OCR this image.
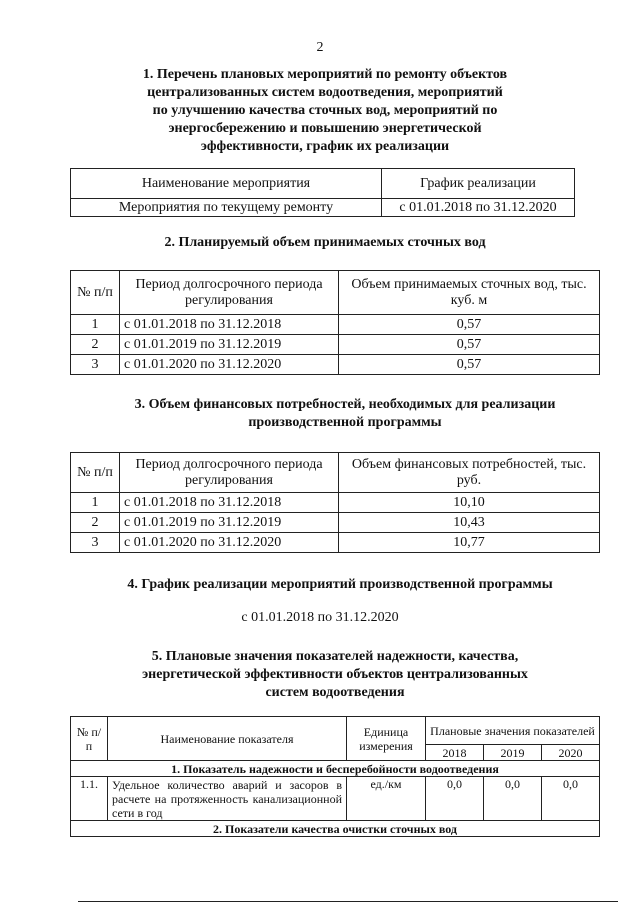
2
1. Перечень плановых мероприятий по ремонту объектов
централизованных систем водоотведения, мероприятий
по улучшению качества сточных вод, мероприятий по
энергосбережению и повышению энергетической
эффективности, график их реализации
Наименование мероприятия	График реализации
Мероприятия по текущему ремонту	с 01.01.2018 по 31.12.2020
2. Планируемый объем принимаемых сточных вод
№ п/п	Период долгосрочного периода регулирования	Объем принимаемых сточных вод, тыс. куб. м
1	с 01.01.2018 по 31.12.2018	0,57
2	с 01.01.2019 по 31.12.2019	0,57
3	с 01.01.2020 по 31.12.2020	0,57
3. Объем финансовых потребностей, необходимых для реализации
производственной программы
№ п/п	Период долгосрочного периода регулирования	Объем финансовых потребностей, тыс. руб.
1	с 01.01.2018 по 31.12.2018	10,10
2	с 01.01.2019 по 31.12.2019	10,43
3	с 01.01.2020 по 31.12.2020	10,77
4. График реализации мероприятий производственной программы
с 01.01.2018 по 31.12.2020
5. Плановые значения показателей надежности, качества,
энергетической эффективности объектов централизованных
систем водоотведения
№ п/п	Наименование показателя	Единица измерения	Плановые значения показателей		
			2018	2019	2020
1. Показатель надежности и бесперебойности водоотведения					
1.1.	Удельное количество аварий и засоров в расчете на протяженность канализационной сети в год	ед./км	0,0	0,0	0,0
2. Показатели качества очистки сточных вод					
